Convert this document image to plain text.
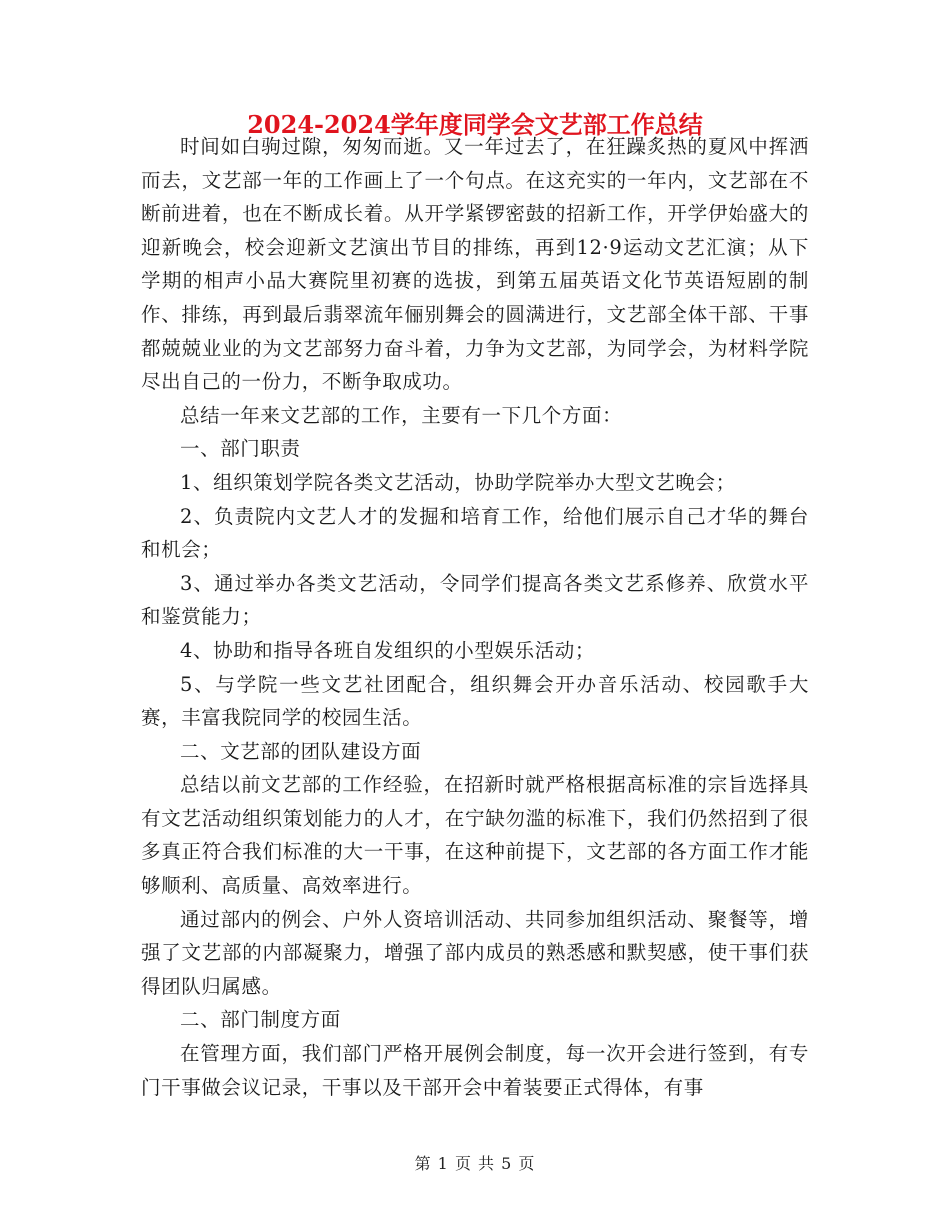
2024-2024学年度同学会文艺部工作总结

时间如白驹过隙，匆匆而逝。又一年过去了，在狂躁炙热的夏风中挥洒而去，文艺部一年的工作画上了一个句点。在这充实的一年内，文艺部在不断前进着，也在不断成长着。从开学紧锣密鼓的招新工作，开学伊始盛大的迎新晚会，校会迎新文艺演出节目的排练，再到12·9运动文艺汇演；从下学期的相声小品大赛院里初赛的选拔，到第五届英语文化节英语短剧的制作、排练，再到最后翡翠流年俪别舞会的圆满进行，文艺部全体干部、干事都兢兢业业的为文艺部努力奋斗着，力争为文艺部，为同学会，为材料学院尽出自己的一份力，不断争取成功。

总结一年来文艺部的工作，主要有一下几个方面：

一、部门职责

1、组织策划学院各类文艺活动，协助学院举办大型文艺晚会；

2、负责院内文艺人才的发掘和培育工作，给他们展示自己才华的舞台和机会；

3、通过举办各类文艺活动，令同学们提高各类文艺系修养、欣赏水平和鉴赏能力；

4、协助和指导各班自发组织的小型娱乐活动；

5、与学院一些文艺社团配合，组织舞会开办音乐活动、校园歌手大赛，丰富我院同学的校园生活。

二、文艺部的团队建设方面

总结以前文艺部的工作经验，在招新时就严格根据高标准的宗旨选择具有文艺活动组织策划能力的人才，在宁缺勿滥的标准下，我们仍然招到了很多真正符合我们标准的大一干事，在这种前提下，文艺部的各方面工作才能够顺利、高质量、高效率进行。

通过部内的例会、户外人资培训活动、共同参加组织活动、聚餐等，增强了文艺部的内部凝聚力，增强了部内成员的熟悉感和默契感，使干事们获得团队归属感。

二、部门制度方面

在管理方面，我们部门严格开展例会制度，每一次开会进行签到，有专门干事做会议记录，干事以及干部开会中着装要正式得体，有事

第 1 页 共 5 页
